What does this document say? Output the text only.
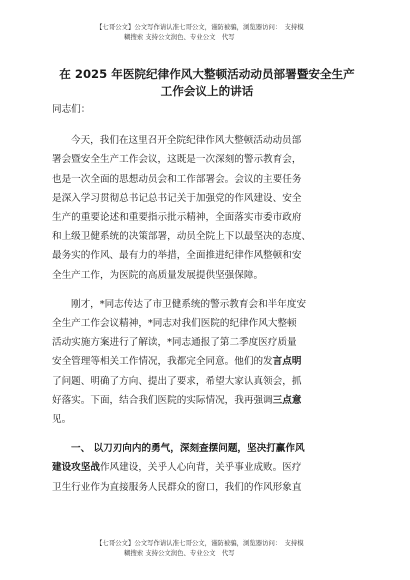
【七哥公文】公文写作请认准七哥公文，谨防被骗，浏览器访问：　支持模
糊搜索 支持公文润色、专业公文　代写
在 2025 年医院纪律作风大整顿活动动员部署暨安全生产
工作会议上的讲话
同志们：
今天，我们在这里召开全院纪律作风大整顿活动动员部
署会暨安全生产工作会议，这既是一次深刻的警示教育会，
也是一次全面的思想动员会和工作部署会。会议的主要任务
是深入学习贯彻总书记总书记关于加强党的作风建设、安全
生产的重要论述和重要指示批示精神，全面落实市委市政府
和上级卫健系统的决策部署，动员全院上下以最坚决的态度、
最务实的作风、最有力的举措，全面推进纪律作风整顿和安
全生产工作，为医院的高质量发展提供坚强保障。
刚才，*同志传达了市卫健系统的警示教育会和半年度安
全生产工作会议精神，*同志对我们医院的纪律作风大整顿
活动实施方案进行了解读，*同志通报了第二季度医疗质量
安全管理等相关工作情况，我都完全同意。他们的发言点明
了问题、明确了方向、提出了要求，希望大家认真领会，抓
好落实。下面，结合我们医院的实际情况，我再强调三点意
见。
一、 以刀刃向内的勇气，深刻查摆问题，坚决打赢作风
建设攻坚战作风建设，关乎人心向背，关乎事业成败。医疗
卫生行业作为直接服务人民群众的窗口，我们的作风形象直
【七哥公文】公文写作请认准七哥公文，谨防被骗，浏览器访问：　支持模
糊搜索 支持公文润色、专业公文　代写
